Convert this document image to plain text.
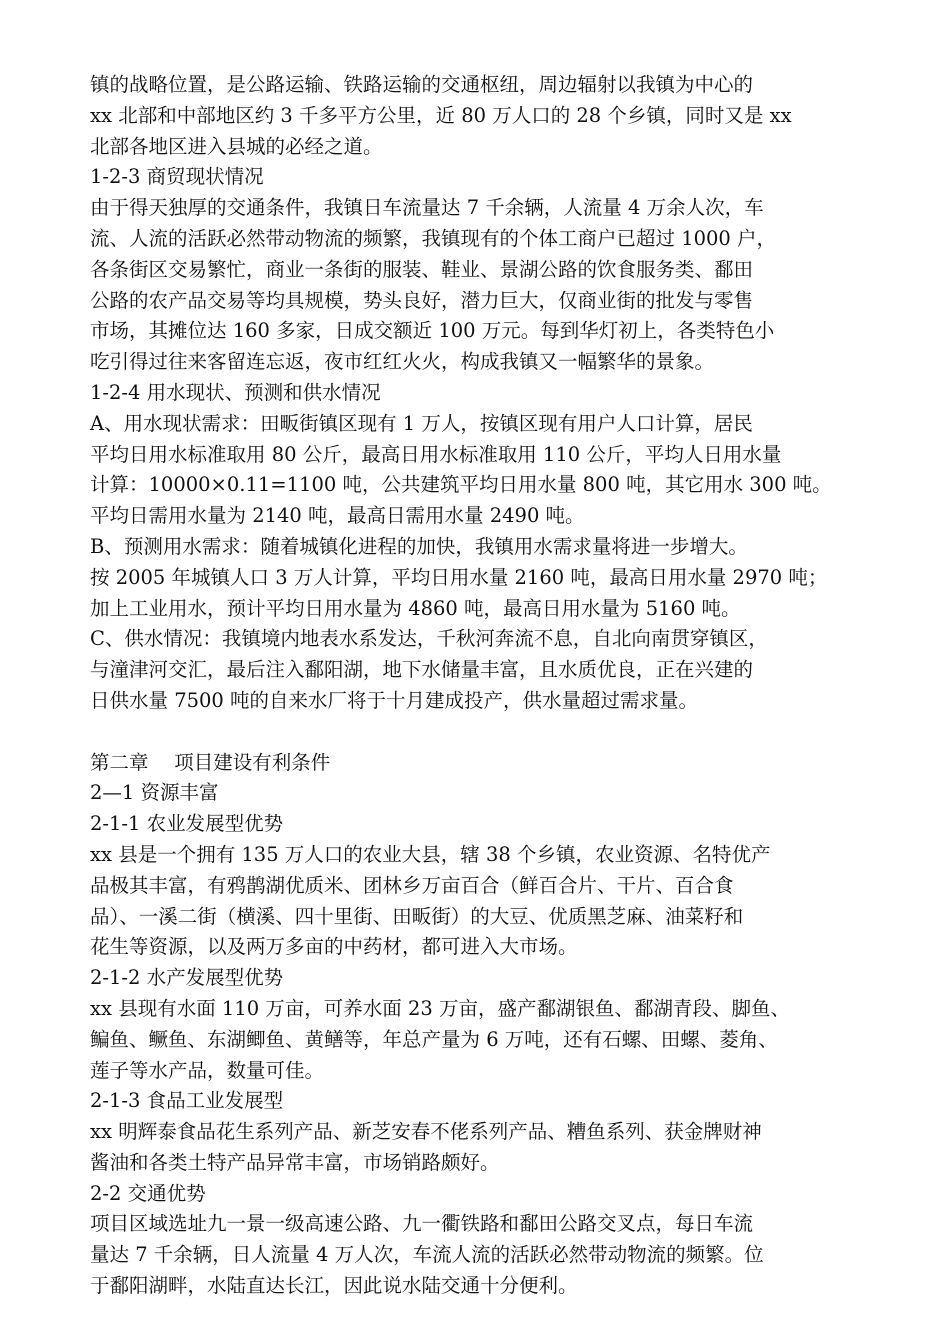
镇的战略位置，是公路运输、铁路运输的交通枢纽，周边辐射以我镇为中心的
xx 北部和中部地区约 3 千多平方公里，近 80 万人口的 28 个乡镇，同时又是 xx
北部各地区进入县城的必经之道。
1-2-3 商贸现状情况
由于得天独厚的交通条件，我镇日车流量达 7 千余辆，人流量 4 万余人次，车
流、人流的活跃必然带动物流的频繁，我镇现有的个体工商户已超过 1000 户，
各条街区交易繁忙，商业一条街的服装、鞋业、景湖公路的饮食服务类、鄱田
公路的农产品交易等均具规模，势头良好，潜力巨大，仅商业街的批发与零售
市场，其摊位达 160 多家，日成交额近 100 万元。每到华灯初上，各类特色小
吃引得过往来客留连忘返，夜市红红火火，构成我镇又一幅繁华的景象。
1-2-4 用水现状、预测和供水情况
A、用水现状需求：田畈街镇区现有 1 万人，按镇区现有用户人口计算，居民
平均日用水标准取用 80 公斤，最高日用水标准取用 110 公斤，平均人日用水量
计算：10000×0.11=1100 吨，公共建筑平均日用水量 800 吨，其它用水 300 吨。
平均日需用水量为 2140 吨，最高日需用水量 2490 吨。
B、预测用水需求：随着城镇化进程的加快，我镇用水需求量将进一步增大。
按 2005 年城镇人口 3 万人计算，平均日用水量 2160 吨，最高日用水量 2970 吨；
加上工业用水，预计平均日用水量为 4860 吨，最高日用水量为 5160 吨。
C、供水情况：我镇境内地表水系发达，千秋河奔流不息，自北向南贯穿镇区，
与潼津河交汇，最后注入鄱阳湖，地下水储量丰富，且水质优良，正在兴建的
日供水量 7500 吨的自来水厂将于十月建成投产，供水量超过需求量。
第二章　 项目建设有利条件
2—1 资源丰富
2-1-1 农业发展型优势
xx 县是一个拥有 135 万人口的农业大县，辖 38 个乡镇，农业资源、名特优产
品极其丰富，有鸦鹊湖优质米、团林乡万亩百合（鲜百合片、干片、百合食
品）、一溪二街（横溪、四十里街、田畈街）的大豆、优质黑芝麻、油菜籽和
花生等资源，以及两万多亩的中药材，都可进入大市场。
2-1-2 水产发展型优势
xx 县现有水面 110 万亩，可养水面 23 万亩，盛产鄱湖银鱼、鄱湖青段、脚鱼、
鳊鱼、鳜鱼、东湖鲫鱼、黄鳝等，年总产量为 6 万吨，还有石螺、田螺、菱角、
莲子等水产品，数量可佳。
2-1-3 食品工业发展型
xx 明辉泰食品花生系列产品、新芝安春不佬系列产品、糟鱼系列、获金牌财神
酱油和各类土特产品异常丰富，市场销路颇好。
2-2 交通优势
项目区域选址九一景一级高速公路、九一衢铁路和鄱田公路交叉点，每日车流
量达 7 千余辆，日人流量 4 万人次，车流人流的活跃必然带动物流的频繁。位
于鄱阳湖畔，水陆直达长江，因此说水陆交通十分便利。
